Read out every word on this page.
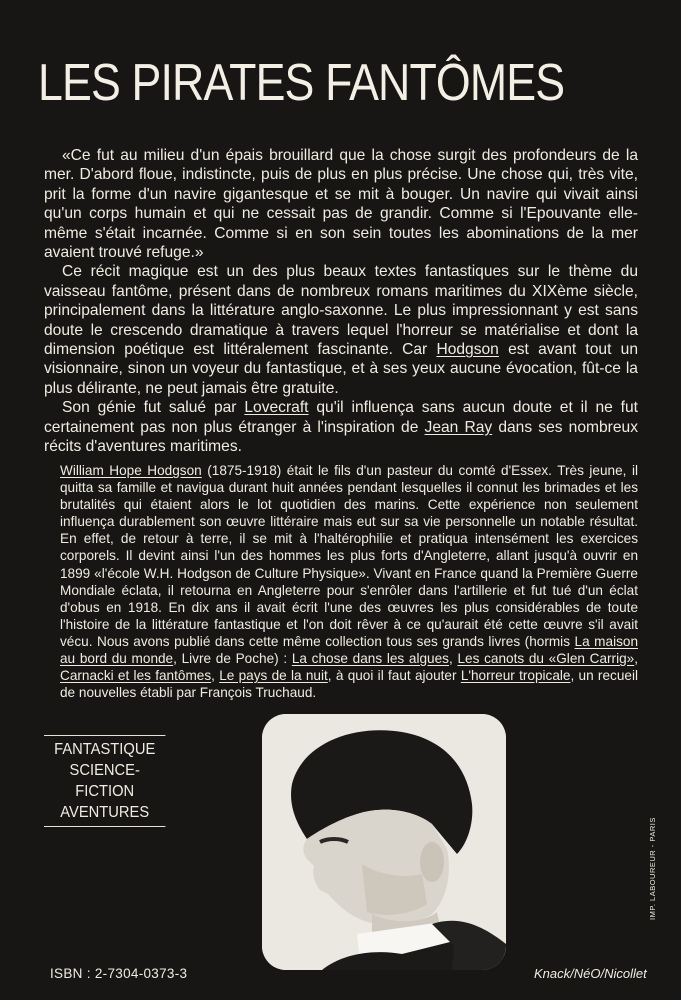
LES PIRATES FANTÔMES

«Ce fut au milieu d'un épais brouillard que la chose surgit des profondeurs de la mer. D'abord floue, indistincte, puis de plus en plus précise. Une chose qui, très vite, prit la forme d'un navire gigantesque et se mit à bouger. Un navire qui vivait ainsi qu'un corps humain et qui ne cessait pas de grandir. Comme si l'Epouvante elle-même s'était incarnée. Comme si en son sein toutes les abominations de la mer avaient trouvé refuge.»

Ce récit magique est un des plus beaux textes fantastiques sur le thème du vaisseau fantôme, présent dans de nombreux romans maritimes du XIXème siècle, principalement dans la littérature anglo-saxonne. Le plus impressionnant y est sans doute le crescendo dramatique à travers lequel l'horreur se matérialise et dont la dimension poétique est littéralement fascinante. Car Hodgson est avant tout un visionnaire, sinon un voyeur du fantastique, et à ses yeux aucune évocation, fût-ce la plus délirante, ne peut jamais être gratuite.

Son génie fut salué par Lovecraft qu'il influença sans aucun doute et il ne fut certainement pas non plus étranger à l'inspiration de Jean Ray dans ses nombreux récits d'aventures maritimes.

William Hope Hodgson (1875-1918) était le fils d'un pasteur du comté d'Essex. Très jeune, il quitta sa famille et navigua durant huit années pendant lesquelles il connut les brimades et les brutalités qui étaient alors le lot quotidien des marins. Cette expérience non seulement influença durablement son œuvre littéraire mais eut sur sa vie personnelle un notable résultat. En effet, de retour à terre, il se mit à l'haltérophilie et pratiqua intensément les exercices corporels. Il devint ainsi l'un des hommes les plus forts d'Angleterre, allant jusqu'à ouvrir en 1899 «l'école W.H. Hodgson de Culture Physique». Vivant en France quand la Première Guerre Mondiale éclata, il retourna en Angleterre pour s'enrôler dans l'artillerie et fut tué d'un éclat d'obus en 1918. En dix ans il avait écrit l'une des œuvres les plus considérables de toute l'histoire de la littérature fantastique et l'on doit rêver à ce qu'aurait été cette œuvre s'il avait vécu. Nous avons publié dans cette même collection tous ses grands livres (hormis La maison au bord du monde, Livre de Poche) : La chose dans les algues, Les canots du «Glen Carrig», Carnacki et les fantômes, Le pays de la nuit, à quoi il faut ajouter L'horreur tropicale, un recueil de nouvelles établi par François Truchaud.

FANTASTIQUE
SCIENCE-FICTION
AVENTURES
ISBN : 2-7304-0373-3	Knack/NéO/Nicollet
IMP. LABOUREUR - PARIS
